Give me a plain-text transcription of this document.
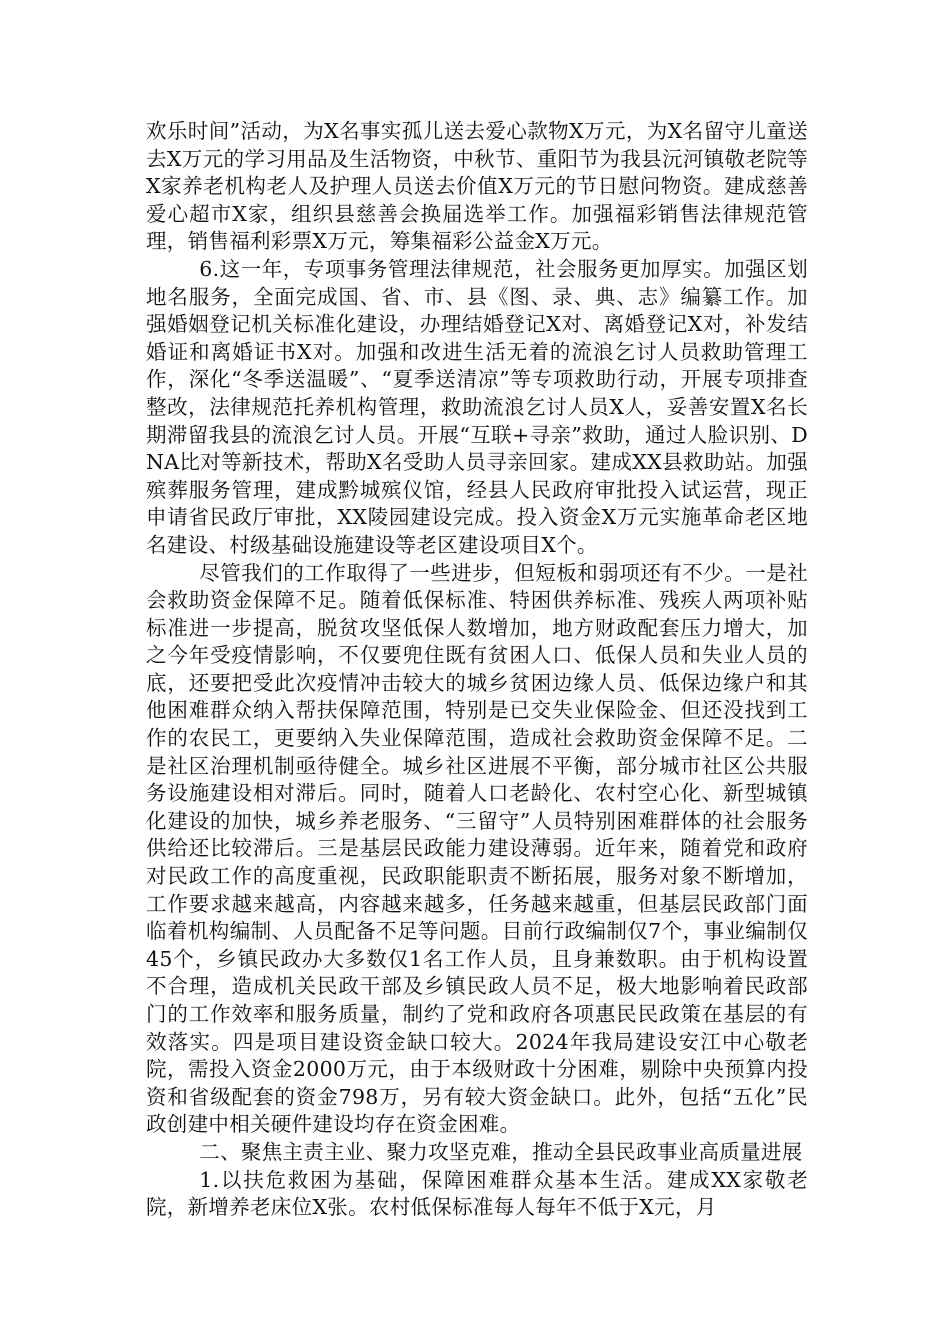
欢乐时间”活动，为X名事实孤儿送去爱心款物X万元，为X名留守儿童送去X万元的学习用品及生活物资，中秋节、重阳节为我县沅河镇敬老院等X家养老机构老人及护理人员送去价值X万元的节日慰问物资。建成慈善爱心超市X家，组织县慈善会换届选举工作。加强福彩销售法律规范管理，销售福利彩票X万元，筹集福彩公益金X万元。

6.这一年，专项事务管理法律规范，社会服务更加厚实。加强区划地名服务，全面完成国、省、市、县《图、录、典、志》编纂工作。加强婚姻登记机关标准化建设，办理结婚登记X对、离婚登记X对，补发结婚证和离婚证书X对。加强和改进生活无着的流浪乞讨人员救助管理工作，深化“冬季送温暖”、“夏季送清凉”等专项救助行动，开展专项排查整改，法律规范托养机构管理，救助流浪乞讨人员X人，妥善安置X名长期滞留我县的流浪乞讨人员。开展“互联+寻亲”救助，通过人脸识别、DNA比对等新技术，帮助X名受助人员寻亲回家。建成XX县救助站。加强殡葬服务管理，建成黔城殡仪馆，经县人民政府审批投入试运营，现正申请省民政厅审批，XX陵园建设完成。投入资金X万元实施革命老区地名建设、村级基础设施建设等老区建设项目X个。

尽管我们的工作取得了一些进步，但短板和弱项还有不少。一是社会救助资金保障不足。随着低保标准、特困供养标准、残疾人两项补贴标准进一步提高，脱贫攻坚低保人数增加，地方财政配套压力增大，加之今年受疫情影响，不仅要兜住既有贫困人口、低保人员和失业人员的底，还要把受此次疫情冲击较大的城乡贫困边缘人员、低保边缘户和其他困难群众纳入帮扶保障范围，特别是已交失业保险金、但还没找到工作的农民工，更要纳入失业保障范围，造成社会救助资金保障不足。二是社区治理机制亟待健全。城乡社区进展不平衡，部分城市社区公共服务设施建设相对滞后。同时，随着人口老龄化、农村空心化、新型城镇化建设的加快，城乡养老服务、“三留守”人员特别困难群体的社会服务供给还比较滞后。三是基层民政能力建设薄弱。近年来，随着党和政府对民政工作的高度重视，民政职能职责不断拓展，服务对象不断增加，工作要求越来越高，内容越来越多，任务越来越重，但基层民政部门面临着机构编制、人员配备不足等问题。目前行政编制仅7个，事业编制仅45个，乡镇民政办大多数仅1名工作人员，且身兼数职。由于机构设置不合理，造成机关民政干部及乡镇民政人员不足，极大地影响着民政部门的工作效率和服务质量，制约了党和政府各项惠民民政策在基层的有效落实。四是项目建设资金缺口较大。2024年我局建设安江中心敬老院，需投入资金2000万元，由于本级财政十分困难，剔除中央预算内投资和省级配套的资金798万，另有较大资金缺口。此外，包括“五化”民政创建中相关硬件建设均存在资金困难。

二、聚焦主责主业、聚力攻坚克难，推动全县民政事业高质量进展

1.以扶危救困为基础，保障困难群众基本生活。建成XX家敬老院，新增养老床位X张。农村低保标准每人每年不低于X元，月
